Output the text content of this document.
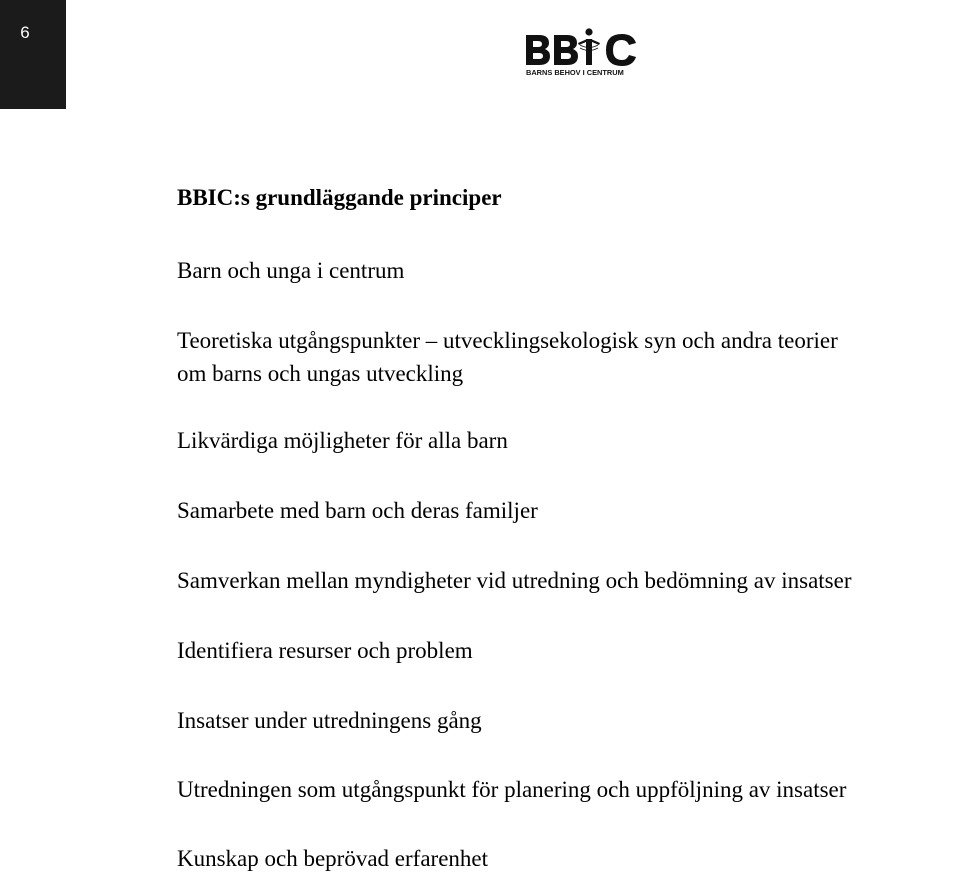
6
BARNS BEHOV I CENTRUM
BBIC:s grundläggande principer
Barn och unga i centrum
Teoretiska utgångspunkter – utvecklingsekologisk syn och andra teorier
om barns och ungas utveckling
Likvärdiga möjligheter för alla barn
Samarbete med barn och deras familjer
Samverkan mellan myndigheter vid utredning och bedömning av insatser
Identifiera resurser och problem
Insatser under utredningens gång
Utredningen som utgångspunkt för planering och uppföljning av insatser
Kunskap och beprövad erfarenhet
